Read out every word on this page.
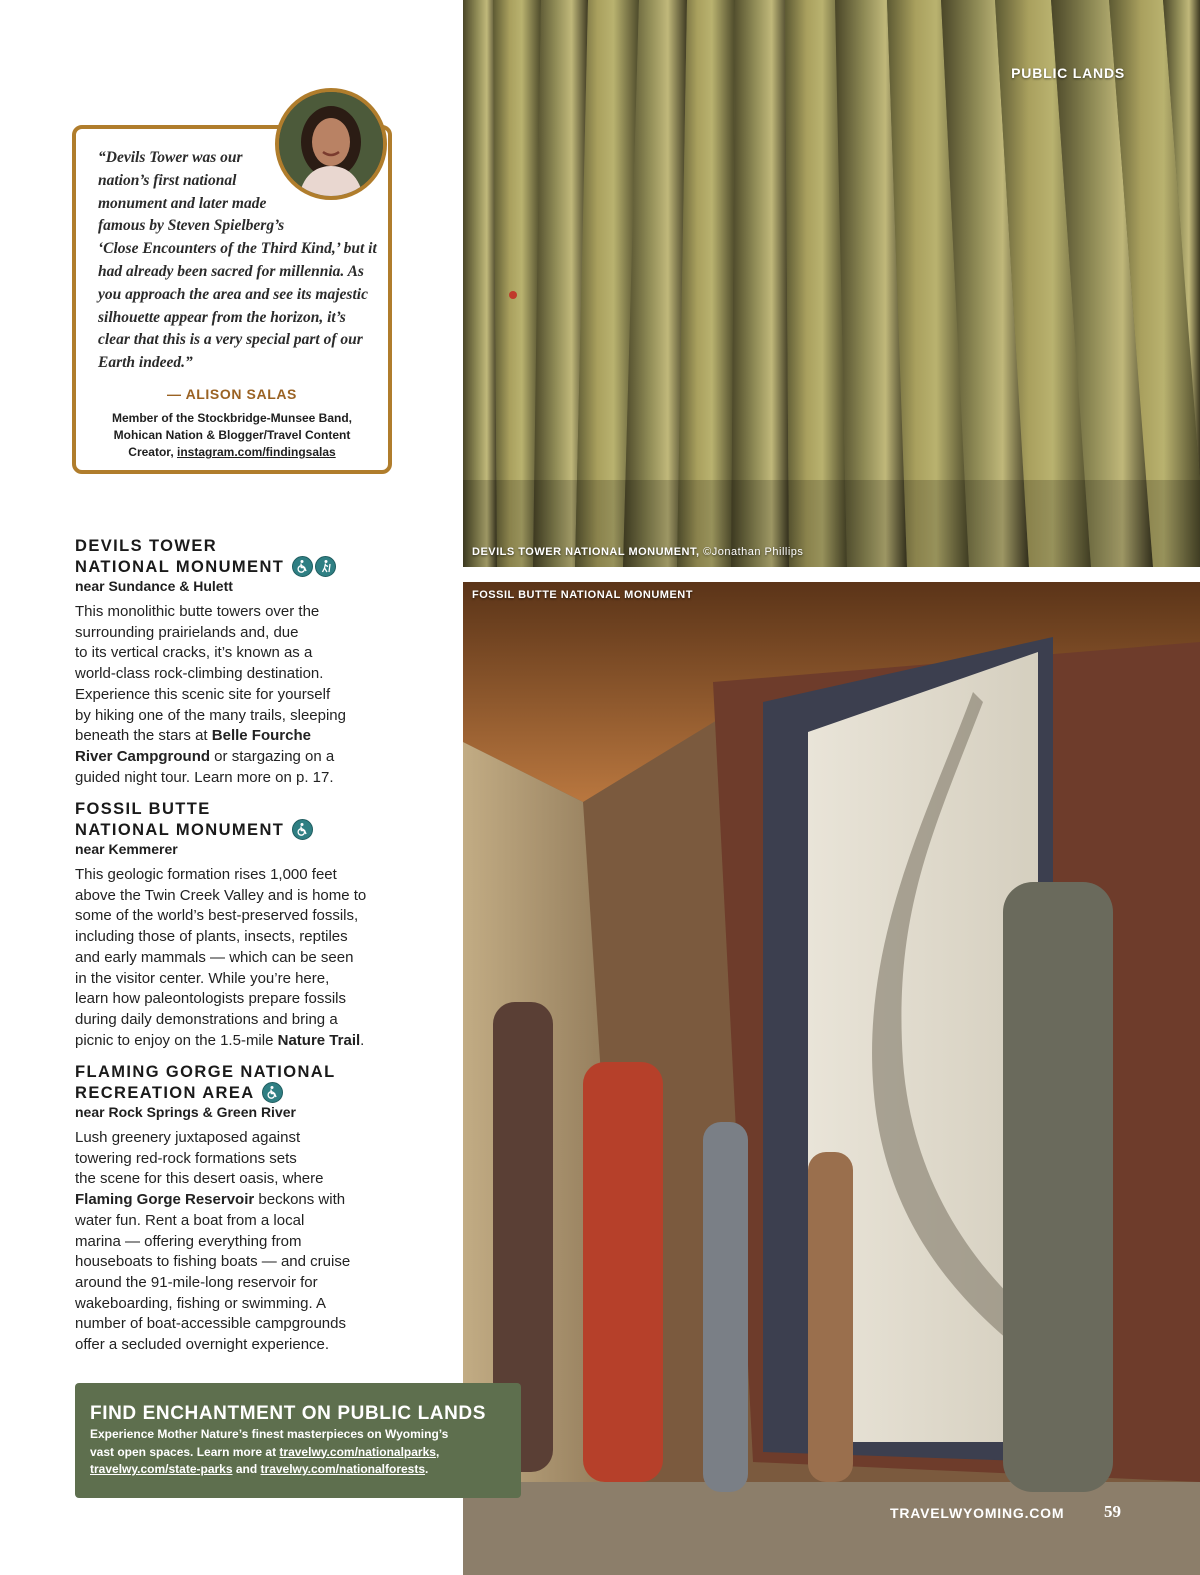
PUBLIC LANDS
DEVILS TOWER NATIONAL MONUMENT, ©Jonathan Phillips
FOSSIL BUTTE NATIONAL MONUMENT
TRAVELWYOMING.COM 59
“Devils Tower was our
nation’s first national
monument and later made
famous by Steven Spielberg’s
‘Close Encounters of the Third Kind,’ but it
had already been sacred for millennia. As
you approach the area and see its majestic
silhouette appear from the horizon, it’s
clear that this is a very special part of our
Earth indeed.”
— ALISON SALAS
Member of the Stockbridge-Munsee Band,
Mohican Nation & Blogger/Travel Content
Creator, instagram.com/findingsalas
DEVILS TOWER
NATIONAL MONUMENT
near Sundance & Hulett
This monolithic butte towers over the
surrounding prairielands and, due
to its vertical cracks, it’s known as a
world-class rock-climbing destination.
Experience this scenic site for yourself
by hiking one of the many trails, sleeping
beneath the stars at Belle Fourche
River Campground or stargazing on a
guided night tour. Learn more on p. 17.
FOSSIL BUTTE
NATIONAL MONUMENT
near Kemmerer
This geologic formation rises 1,000 feet
above the Twin Creek Valley and is home to
some of the world’s best-preserved fossils,
including those of plants, insects, reptiles
and early mammals — which can be seen
in the visitor center. While you’re here,
learn how paleontologists prepare fossils
during daily demonstrations and bring a
picnic to enjoy on the 1.5-mile Nature Trail.
FLAMING GORGE NATIONAL
RECREATION AREA
near Rock Springs & Green River
Lush greenery juxtaposed against
towering red-rock formations sets
the scene for this desert oasis, where
Flaming Gorge Reservoir beckons with
water fun. Rent a boat from a local
marina — offering everything from
houseboats to fishing boats — and cruise
around the 91-mile-long reservoir for
wakeboarding, fishing or swimming. A
number of boat-accessible campgrounds
offer a secluded overnight experience.
FIND ENCHANTMENT ON PUBLIC LANDS
Experience Mother Nature’s finest masterpieces on Wyoming’s
vast open spaces. Learn more at travelwy.com/nationalparks,
travelwy.com/state-parks and travelwy.com/nationalforests.
